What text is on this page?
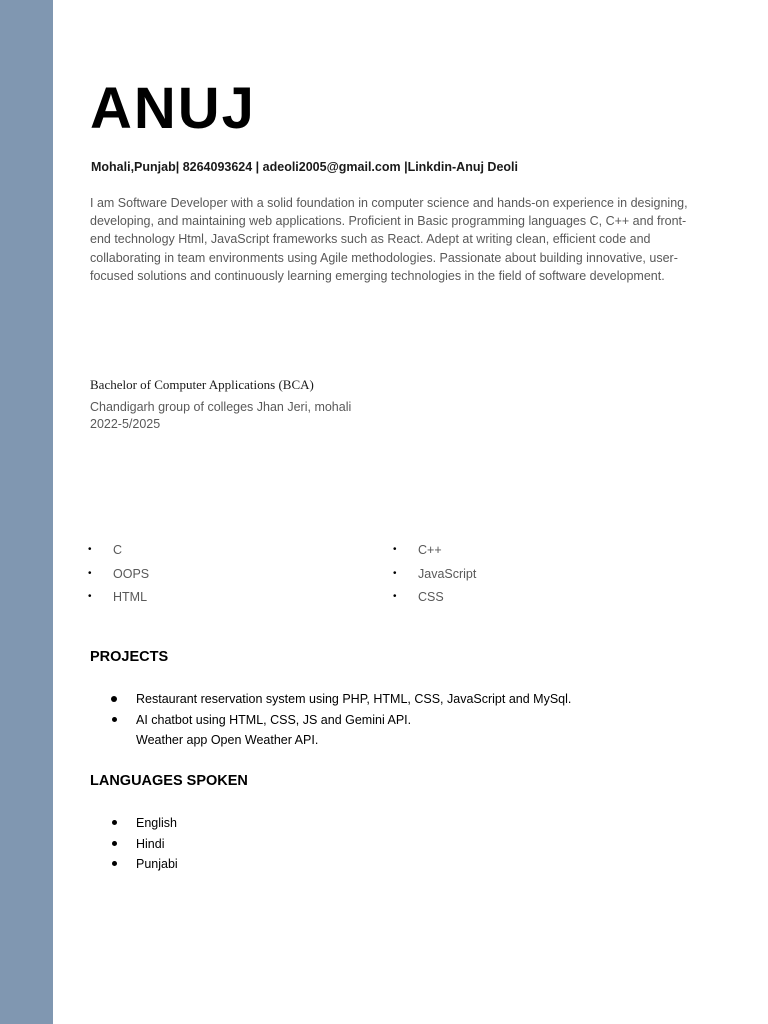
ANUJ

Mohali,Punjab| 8264093624 | adeoli2005@gmail.com |Linkdin-Anuj Deoli

I am Software Developer with a solid foundation in computer science and hands-on experience in designing, developing, and maintaining web applications. Proficient in Basic programming languages C, C++ and front-end technology Html, JavaScript frameworks such as React. Adept at writing clean, efficient code and collaborating in team environments using Agile methodologies. Passionate about building innovative, user-focused solutions and continuously learning emerging technologies in the field of software development.

Bachelor of Computer Applications (BCA)

Chandigarh group of colleges Jhan Jeri, mohali

2022-5/2025

•	C
•	OOPS
•	HTML
•	C++
•	JavaScript
•	CSS
PROJECTS
Restaurant reservation system using PHP, HTML, CSS, JavaScript and MySql.
AI chatbot using HTML, CSS, JS and Gemini API.

Weather app Open Weather API.

LANGUAGES SPOKEN
English
Hindi
Punjabi
